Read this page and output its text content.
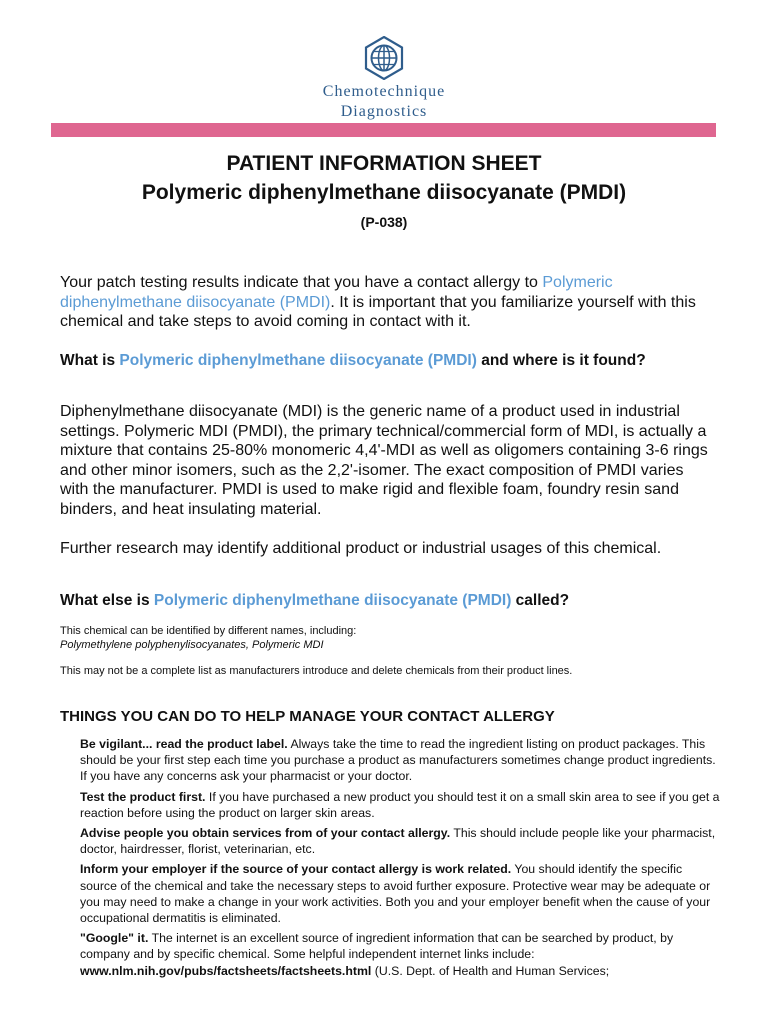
Chemotechnique
Diagnostics
PATIENT INFORMATION SHEET
Polymeric diphenylmethane diisocyanate (PMDI)
(P-038)
Your patch testing results indicate that you have a contact allergy to Polymeric diphenylmethane diisocyanate (PMDI). It is important that you familiarize yourself with this chemical and take steps to avoid coming in contact with it.
What is Polymeric diphenylmethane diisocyanate (PMDI) and where is it found?
Diphenylmethane diisocyanate (MDI) is the generic name of a product used in industrial settings. Polymeric MDI (PMDI), the primary technical/commercial form of MDI, is actually a mixture that contains 25-80% monomeric 4,4'-MDI as well as oligomers containing 3-6 rings and other minor isomers, such as the 2,2'-isomer. The exact composition of PMDI varies with the manufacturer. PMDI is used to make rigid and flexible foam, foundry resin sand binders, and heat insulating material.
Further research may identify additional product or industrial usages of this chemical.
What else is Polymeric diphenylmethane diisocyanate (PMDI) called?
This chemical can be identified by different names, including:
Polymethylene polyphenylisocyanates, Polymeric MDI
This may not be a complete list as manufacturers introduce and delete chemicals from their product lines.
THINGS YOU CAN DO TO HELP MANAGE YOUR CONTACT ALLERGY

Be vigilant... read the product label. Always take the time to read the ingredient listing on product packages. This should be your first step each time you purchase a product as manufacturers sometimes change product ingredients. If you have any concerns ask your pharmacist or your doctor.

Test the product first. If you have purchased a new product you should test it on a small skin area to see if you get a reaction before using the product on larger skin areas.

Advise people you obtain services from of your contact allergy. This should include people like your pharmacist, doctor, hairdresser, florist, veterinarian, etc.

Inform your employer if the source of your contact allergy is work related. You should identify the specific source of the chemical and take the necessary steps to avoid further exposure. Protective wear may be adequate or you may need to make a change in your work activities. Both you and your employer benefit when the cause of your occupational dermatitis is eliminated.

"Google" it. The internet is an excellent source of ingredient information that can be searched by product, by company and by specific chemical. Some helpful independent internet links include: www.nlm.nih.gov/pubs/factsheets/factsheets.html (U.S. Dept. of Health and Human Services;
